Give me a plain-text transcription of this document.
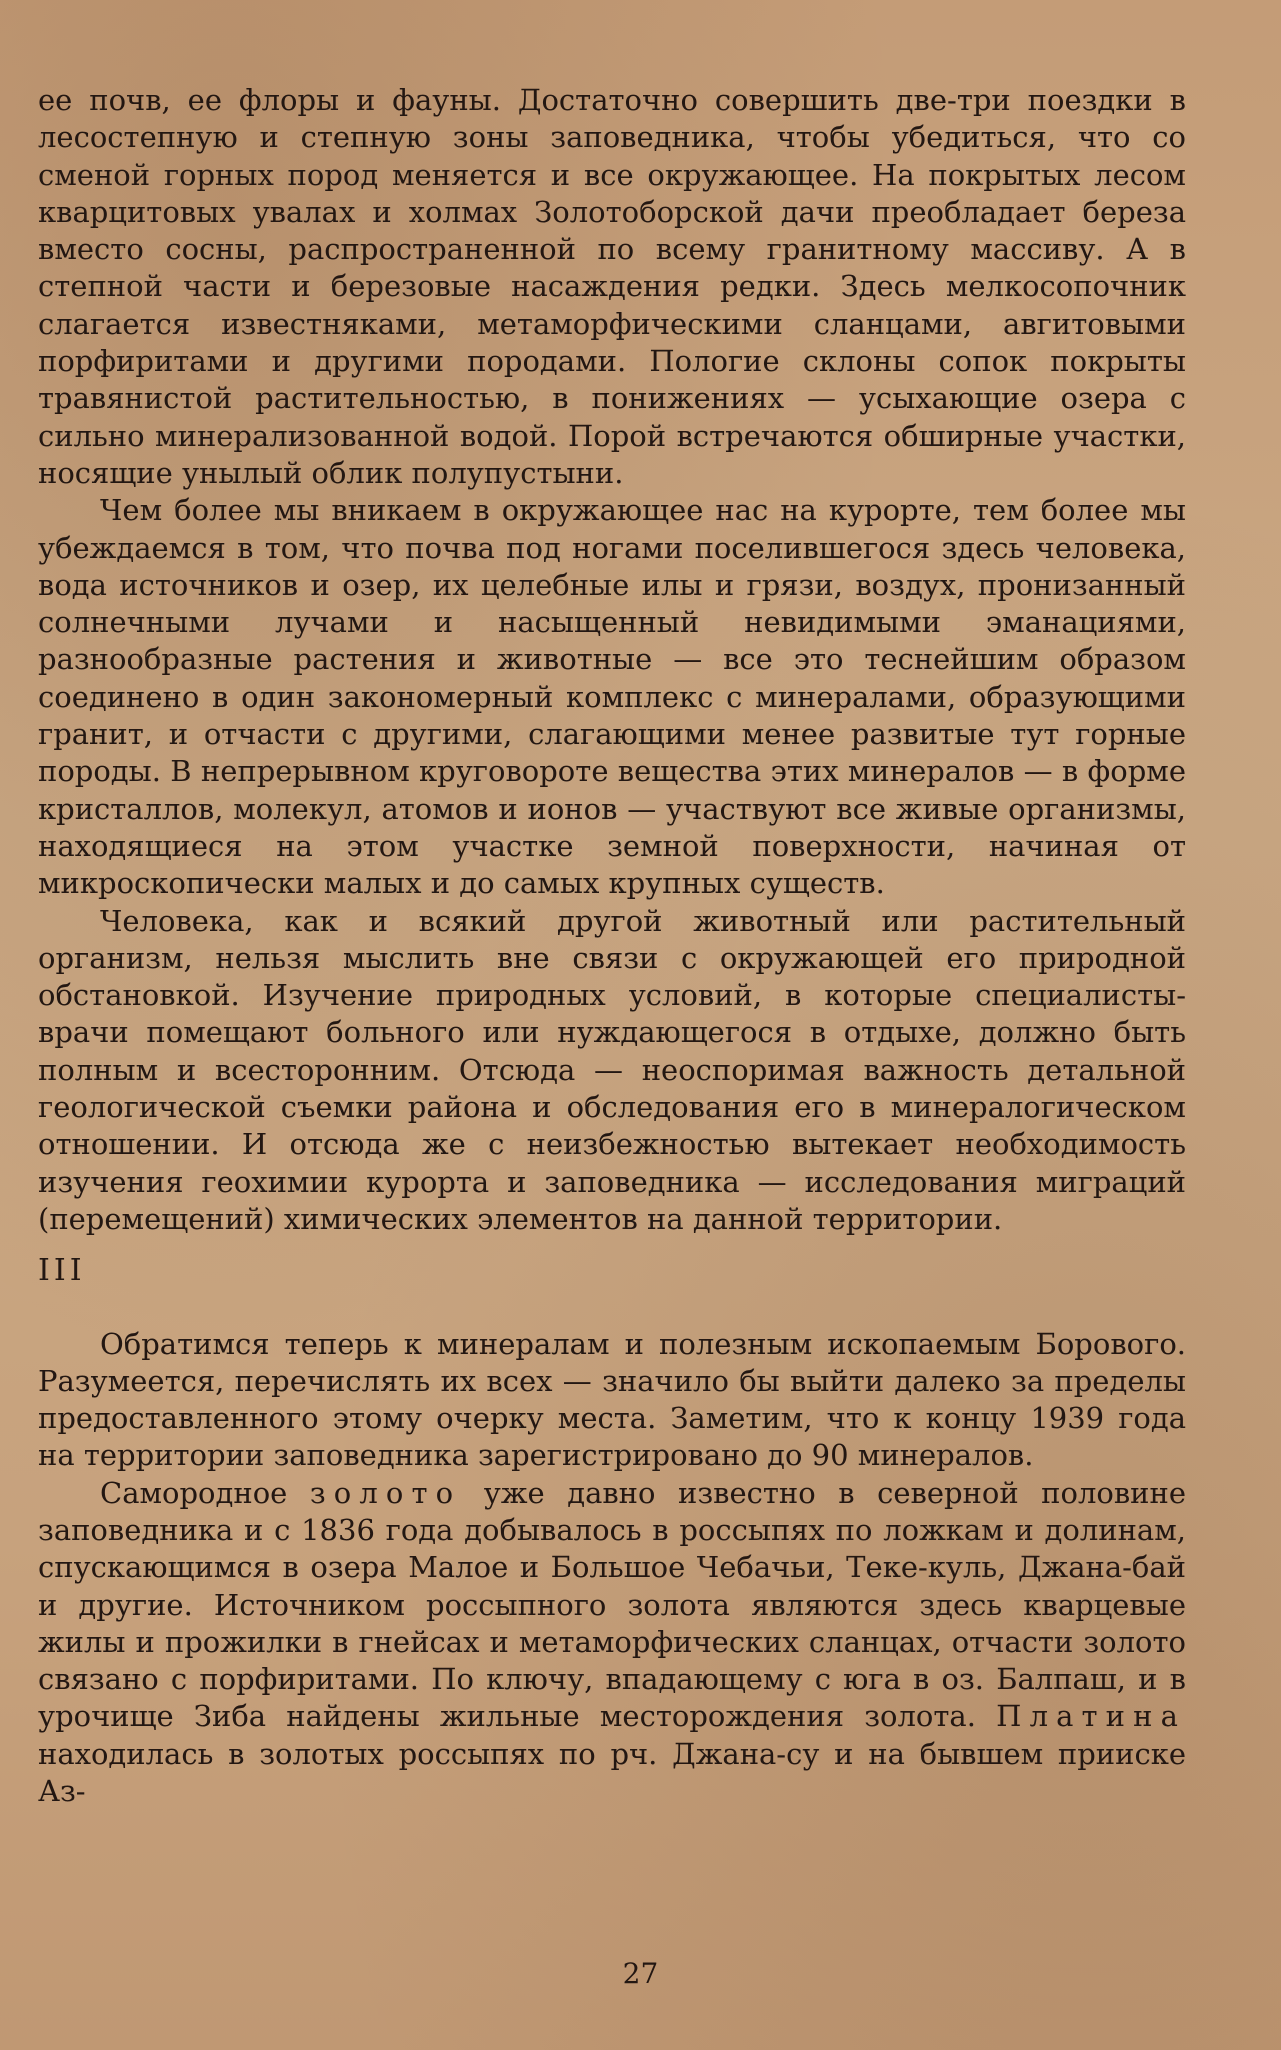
ее почв, ее флоры и фауны. Достаточно совершить две-три поездки в лесостепную и степную зоны заповедника, чтобы убедиться, что со сменой горных пород меняется и все окружающее. На покрытых лесом кварцитовых увалах и холмах Золотоборской дачи преобладает береза вместо сосны, распространенной по всему гранитному массиву. А в степной части и березовые насаждения редки. Здесь мелкосопочник слагается известняками, метаморфическими сланцами, авгитовыми порфиритами и другими породами. Пологие склоны сопок покрыты травянистой растительностью, в понижениях — усыхающие озера с сильно минерализованной водой. Порой встречаются обширные участки, носящие унылый облик полупустыни.

Чем более мы вникаем в окружающее нас на курорте, тем более мы убеждаемся в том, что почва под ногами поселившегося здесь человека, вода источников и озер, их целебные илы и грязи, воздух, пронизанный солнечными лучами и насыщенный невидимыми эманациями, разнообразные растения и животные — все это теснейшим образом соединено в один закономерный комплекс с минералами, образующими гранит, и отчасти с другими, слагающими менее развитые тут горные породы. В непрерывном круговороте вещества этих минералов — в форме кристаллов, молекул, атомов и ионов — участвуют все живые организмы, находящиеся на этом участке земной поверхности, начиная от микроскопически малых и до самых крупных существ.

Человека, как и всякий другой животный или растительный организм, нельзя мыслить вне связи с окружающей его природной обстановкой. Изучение природных условий, в которые специалисты-врачи помещают больного или нуждающегося в отдыхе, должно быть полным и всесторонним. Отсюда — неоспоримая важность детальной геологической съемки района и обследования его в минералогическом отношении. И отсюда же с неизбежностью вытекает необходимость изучения геохимии курорта и заповедника — исследования миграций (перемещений) химических элементов на данной территории.

III

Обратимся теперь к минералам и полезным ископаемым Борового. Разумеется, перечислять их всех — значило бы выйти далеко за пределы предоставленного этому очерку места. Заметим, что к концу 1939 года на территории заповедника зарегистрировано до 90 минералов.

Самородное золото уже давно известно в северной половине заповедника и с 1836 года добывалось в россыпях по ложкам и долинам, спускающимся в озера Малое и Большое Чебачьи, Теке-куль, Джана-бай и другие. Источником россыпного золота являются здесь кварцевые жилы и прожилки в гнейсах и метаморфических сланцах, отчасти золото связано с порфиритами. По ключу, впадающему с юга в оз. Балпаш, и в урочище Зиба найдены жильные месторождения золота. Платина находилась в золотых россыпях по рч. Джана-су и на бывшем прииске Аз-

27
